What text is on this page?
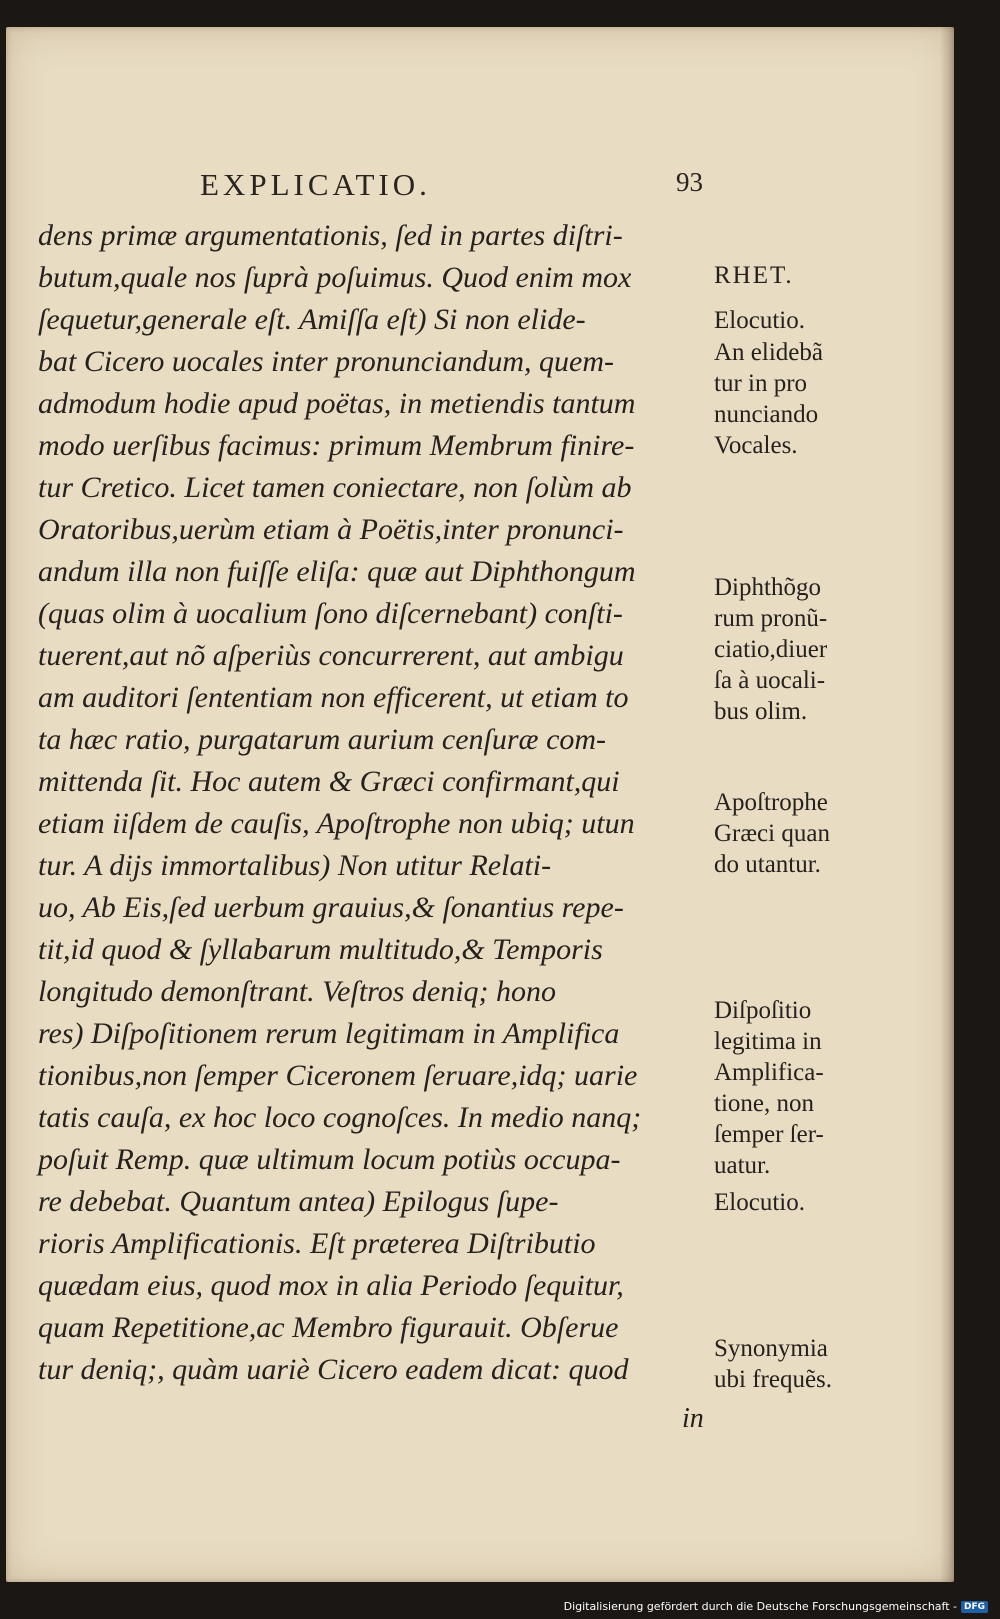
EXPLICATIO.	93
dens primæ argumentationis, ſed in partes diſtri-
butum,quale nos ſuprà poſuimus. Quod enim mox
ſequetur,generale eſt. Amiſſa eſt) Si non elide-
bat Cicero uocales inter pronunciandum, quem-
admodum hodie apud poëtas, in metiendis tantum
modo uerſibus facimus: primum Membrum finire-
tur Cretico. Licet tamen coniectare, non ſolùm ab
Oratoribus,uerùm etiam à Poëtis,inter pronunci-
andum illa non fuiſſe eliſa: quæ aut Diphthongum
(quas olim à uocalium ſono diſcernebant) conſti-
tuerent,aut nõ aſperiùs concurrerent, aut ambigu
am auditori ſententiam non efficerent, ut etiam to
ta hæc ratio, purgatarum aurium cenſuræ com-
mittenda ſit. Hoc autem & Græci confirmant,qui
etiam iiſdem de cauſis, Apoſtrophe non ubiq; utun
tur. A dijs immortalibus) Non utitur Relati-
uo, Ab Eis,ſed uerbum grauius,& ſonantius repe-
tit,id quod & ſyllabarum multitudo,& Temporis
longitudo demonſtrant. Veſtros deniq; hono
res) Diſpoſitionem rerum legitimam in Amplifica
tionibus,non ſemper Ciceronem ſeruare,idq; uarie
tatis cauſa, ex hoc loco cognoſces. In medio nanq;
poſuit Remp. quæ ultimum locum potiùs occupa-
re debebat. Quantum antea) Epilogus ſupe-
rioris Amplificationis. Eſt præterea Diſtributio
quædam eius, quod mox in alia Periodo ſequitur,
quam Repetitione,ac Membro figurauit. Obſerue
tur deniq;, quàm uariè Cicero eadem dicat: quod
in
RHET.
Elocutio.
An elidebã
tur in pro
nunciando
Vocales.
Diphthõgo
rum pronũ-
ciatio,diuer
ſa à uocali-
bus olim.
Apoſtrophe
Græci quan
do utantur.
Diſpoſitio
legitima in
Amplifica-
tione, non
ſemper ſer-
uatur.
Elocutio.
Synonymia
ubi frequẽs.
Digitalisierung gefördert durch die Deutsche Forschungsgemeinschaft - DFG
